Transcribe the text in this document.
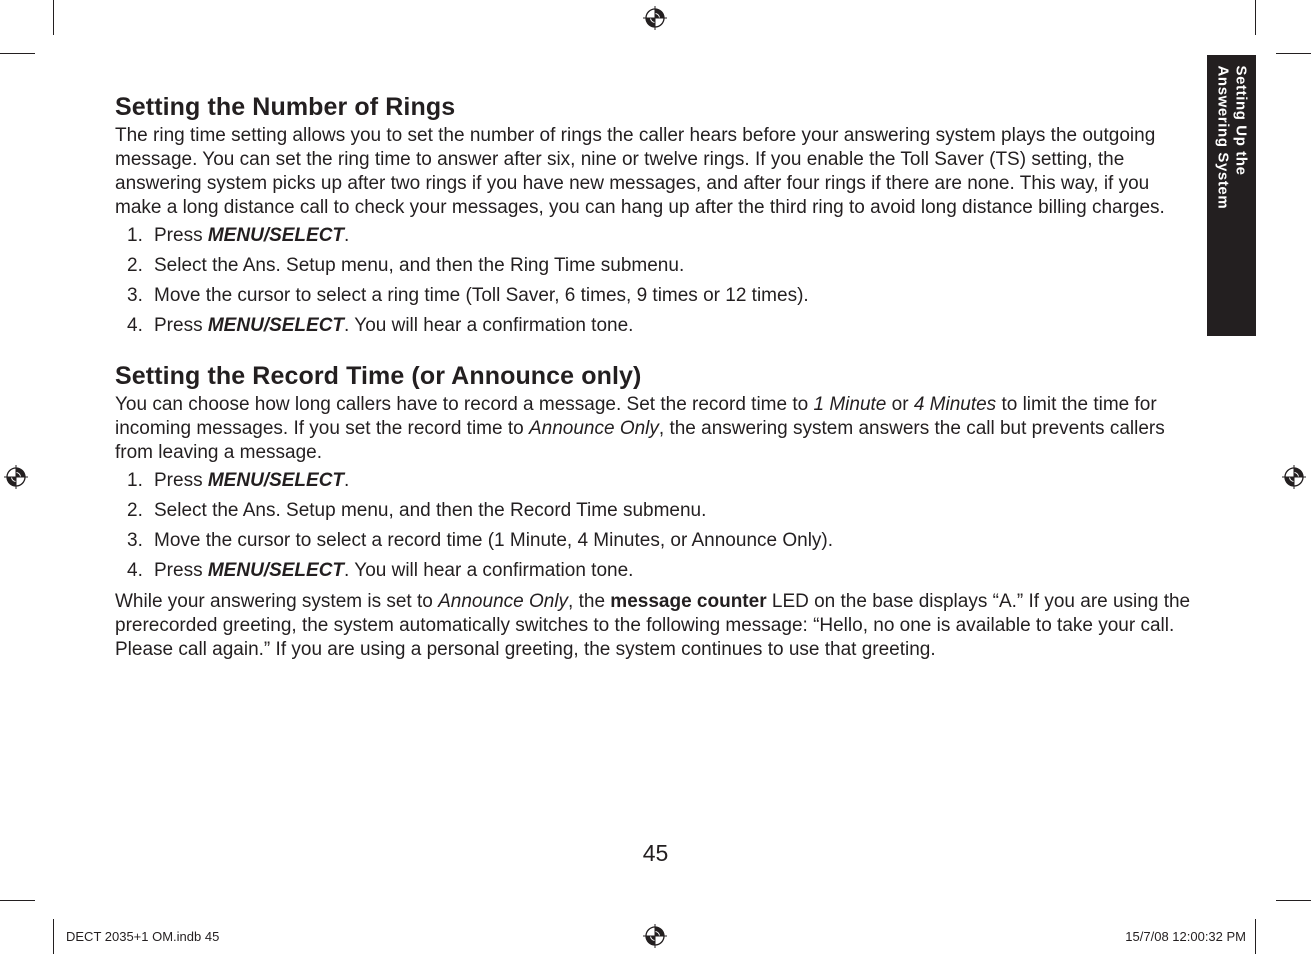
Setting Up the
Answering System
Setting the Number of Rings

The ring time setting allows you to set the number of rings the caller hears before your answering system plays the outgoing message. You can set the ring time to answer after six, nine or twelve rings. If you enable the Toll Saver (TS) setting, the answering system picks up after two rings if you have new messages, and after four rings if there are none. This way, if you make a long distance call to check your messages, you can hang up after the third ring to avoid long distance billing charges.

1. Press MENU/SELECT.
2. Select the Ans. Setup menu, and then the Ring Time submenu.
3. Move the cursor to select a ring time (Toll Saver, 6 times, 9 times or 12 times).
4. Press MENU/SELECT. You will hear a confirmation tone.
Setting the Record Time (or Announce only)

You can choose how long callers have to record a message. Set the record time to 1 Minute or 4 Minutes to limit the time for incoming messages. If you set the record time to Announce Only, the answering system answers the call but prevents callers from leaving a message.

1. Press MENU/SELECT.
2. Select the Ans. Setup menu, and then the Record Time submenu.
3. Move the cursor to select a record time (1 Minute, 4 Minutes, or Announce Only).
4. Press MENU/SELECT. You will hear a confirmation tone.

While your answering system is set to Announce Only, the message counter LED on the base displays “A.” If you are using the prerecorded greeting, the system automatically switches to the following message: “Hello, no one is available to take your call. Please call again.” If you are using a personal greeting, the system continues to use that greeting.

45
DECT 2035+1 OM.indb 45	15/7/08 12:00:32 PM
